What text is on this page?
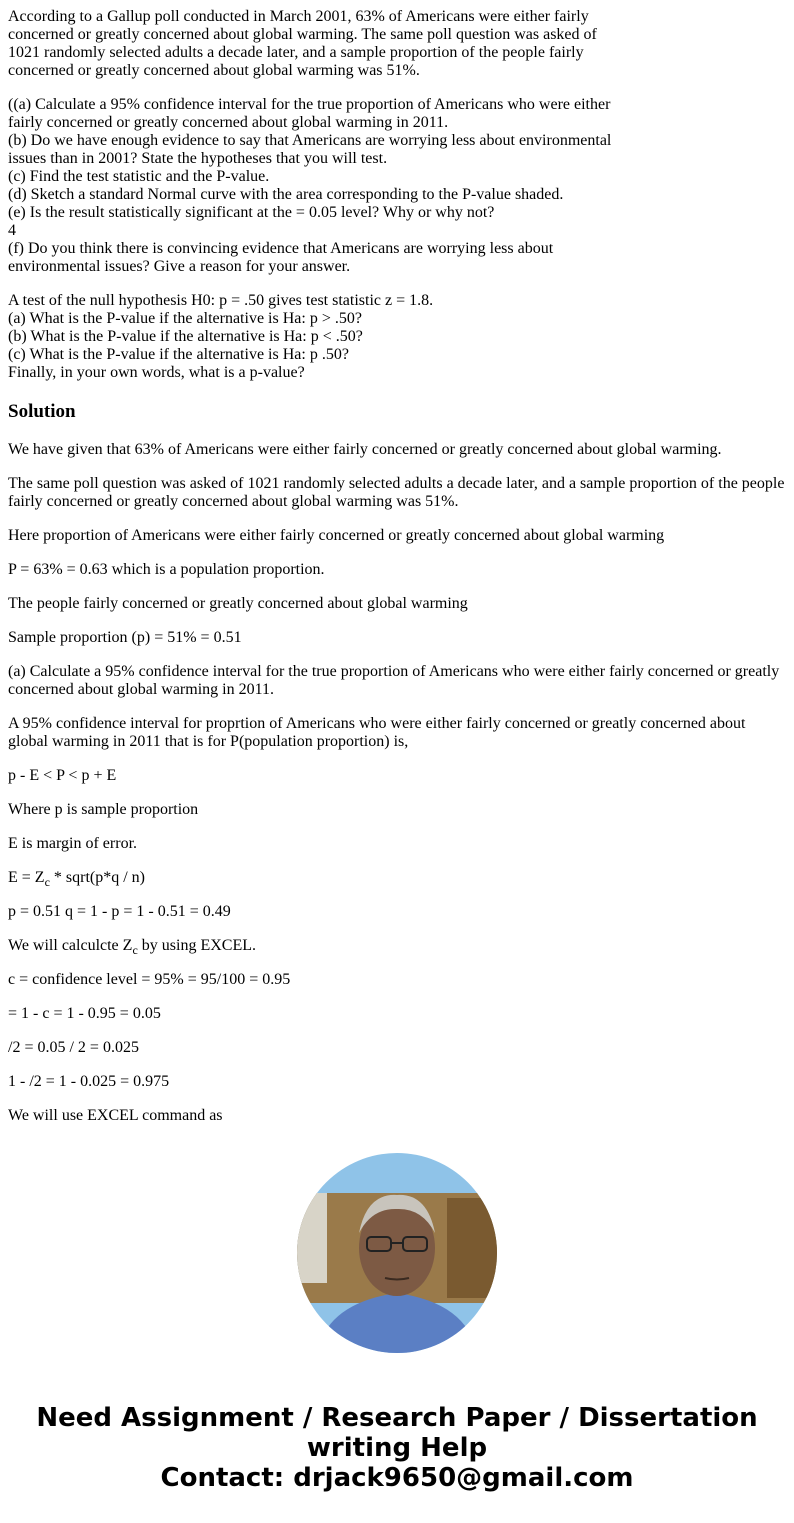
According to a Gallup poll conducted in March 2001, 63% of Americans were either fairly
concerned or greatly concerned about global warming. The same poll question was asked of
1021 randomly selected adults a decade later, and a sample proportion of the people fairly
concerned or greatly concerned about global warming was 51%.

((a) Calculate a 95% confidence interval for the true proportion of Americans who were either
fairly concerned or greatly concerned about global warming in 2011.
(b) Do we have enough evidence to say that Americans are worrying less about environmental
issues than in 2001? State the hypotheses that you will test.
(c) Find the test statistic and the P-value.
(d) Sketch a standard Normal curve with the area corresponding to the P-value shaded.
(e) Is the result statistically significant at the = 0.05 level? Why or why not?
4
(f) Do you think there is convincing evidence that Americans are worrying less about
environmental issues? Give a reason for your answer.

A test of the null hypothesis H0: p = .50 gives test statistic z = 1.8.
(a) What is the P-value if the alternative is Ha: p > .50?
(b) What is the P-value if the alternative is Ha: p < .50?
(c) What is the P-value if the alternative is Ha: p .50?
Finally, in your own words, what is a p-value?

Solution

We have given that 63% of Americans were either fairly concerned or greatly concerned about global warming.

The same poll question was asked of 1021 randomly selected adults a decade later, and a sample proportion of the people fairly concerned or greatly concerned about global warming was 51%.

Here proportion of Americans were either fairly concerned or greatly concerned about global warming

P = 63% = 0.63 which is a population proportion.

The people fairly concerned or greatly concerned about global warming

Sample proportion (p) = 51% = 0.51

(a) Calculate a 95% confidence interval for the true proportion of Americans who were either fairly concerned or greatly concerned about global warming in 2011.

A 95% confidence interval for proprtion of Americans who were either fairly concerned or greatly concerned about global warming in 2011 that is for P(population proportion) is,

p - E < P < p + E

Where p is sample proportion

E is margin of error.

$E = Z_c$ * sqrt(p*q / n)

p = 0.51 q = 1 - p = 1 - 0.51 = 0.49

We will calculcte $Z_c$ by using EXCEL.

c = confidence level = 95% = 95/100 = 0.95

= 1 - c = 1 - 0.95 = 0.05

/2 = 0.05 / 2 = 0.025

1 - /2 = 1 - 0.025 = 0.975

We will use EXCEL command as

Need Assignment / Research Paper / Dissertation
writing Help
Contact: drjack9650@gmail.com
